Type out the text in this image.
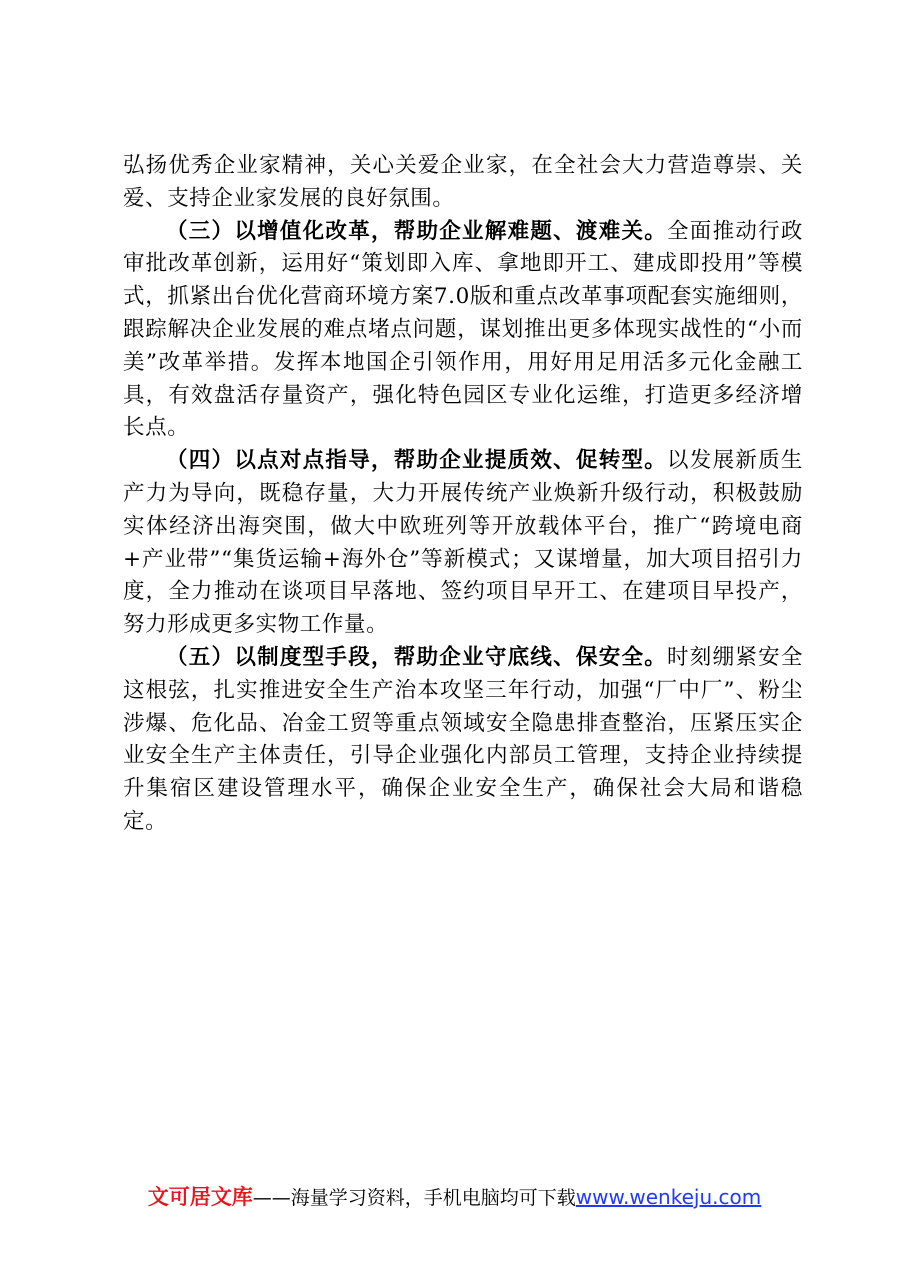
弘扬优秀企业家精神，关心关爱企业家，在全社会大力营造尊崇、关爱、支持企业家发展的良好氛围。

（三）以增值化改革，帮助企业解难题、渡难关。全面推动行政审批改革创新，运用好“策划即入库、拿地即开工、建成即投用”等模式，抓紧出台优化营商环境方案7.0版和重点改革事项配套实施细则，跟踪解决企业发展的难点堵点问题，谋划推出更多体现实战性的“小而美”改革举措。发挥本地国企引领作用，用好用足用活多元化金融工具，有效盘活存量资产，强化特色园区专业化运维，打造更多经济增长点。

（四）以点对点指导，帮助企业提质效、促转型。以发展新质生产力为导向，既稳存量，大力开展传统产业焕新升级行动，积极鼓励实体经济出海突围，做大中欧班列等开放载体平台，推广“跨境电商+产业带”“集货运输+海外仓”等新模式；又谋增量，加大项目招引力度，全力推动在谈项目早落地、签约项目早开工、在建项目早投产，努力形成更多实物工作量。

（五）以制度型手段，帮助企业守底线、保安全。时刻绷紧安全这根弦，扎实推进安全生产治本攻坚三年行动，加强“厂中厂”、粉尘涉爆、危化品、冶金工贸等重点领域安全隐患排查整治，压紧压实企业安全生产主体责任，引导企业强化内部员工管理，支持企业持续提升集宿区建设管理水平，确保企业安全生产，确保社会大局和谐稳定。

文可居文库——海量学习资料，手机电脑均可下载www.wenkeju.com
